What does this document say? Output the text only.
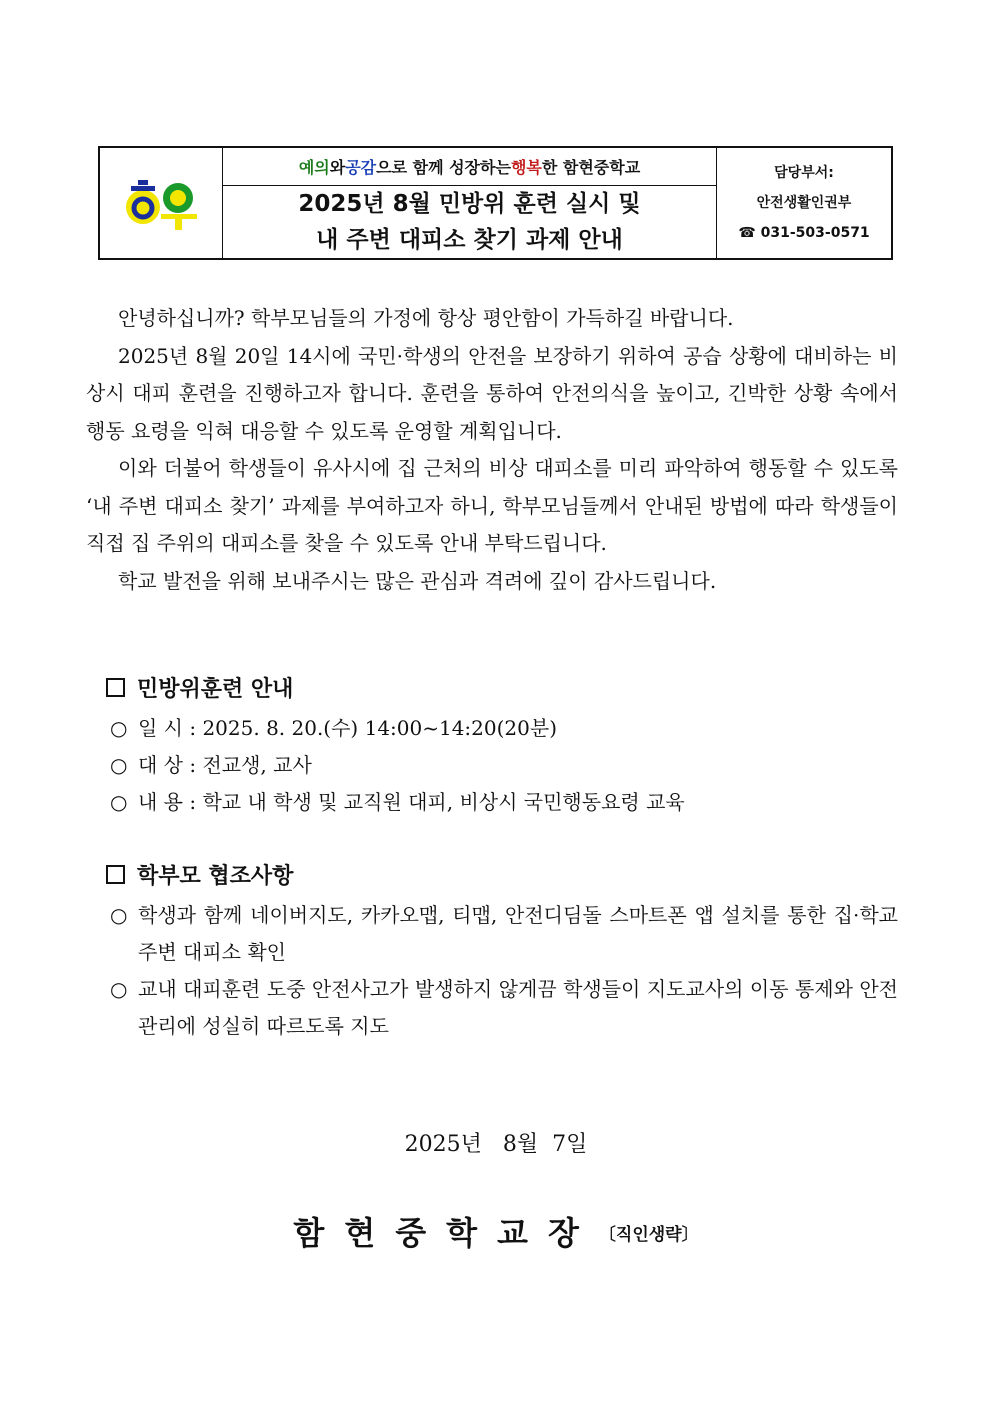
예의 와 공감 으로 함께 성장하는 행복 한 함현중학교
2025년 8월 민방위 훈련 실시 및
내 주변 대피소 찾기 과제 안내
담당부서:
안전생활인권부
☎ 031-503-0571

안녕하십니까? 학부모님들의 가정에 항상 평안함이 가득하길 바랍니다.

2025년 8월 20일 14시에 국민·학생의 안전을 보장하기 위하여 공습 상황에 대비하는 비상시 대피 훈련을 진행하고자 합니다. 훈련을 통하여 안전의식을 높이고, 긴박한 상황 속에서 행동 요령을 익혀 대응할 수 있도록 운영할 계획입니다.

이와 더불어 학생들이 유사시에 집 근처의 비상 대피소를 미리 파악하여 행동할 수 있도록 ‘내 주변 대피소 찾기’ 과제를 부여하고자 하니, 학부모님들께서 안내된 방법에 따라 학생들이 직접 집 주위의 대피소를 찾을 수 있도록 안내 부탁드립니다.

학교 발전을 위해 보내주시는 많은 관심과 격려에 깊이 감사드립니다.

민방위훈련 안내
○ 일 시 : 2025. 8. 20.(수) 14:00~14:20(20분)
○ 대 상 : 전교생, 교사
○ 내 용 : 학교 내 학생 및 교직원 대피, 비상시 국민행동요령 교육
학부모 협조사항
○ 학생과 함께 네이버지도, 카카오맵, 티맵, 안전디딤돌 스마트폰 앱 설치를 통한 집·학교 주변 대피소 확인
○ 교내 대피훈련 도중 안전사고가 발생하지 않게끔 학생들이 지도교사의 이동 통제와 안전관리에 성실히 따르도록 지도
2025년   8월  7일
함현중학교장〔직인생략〕
